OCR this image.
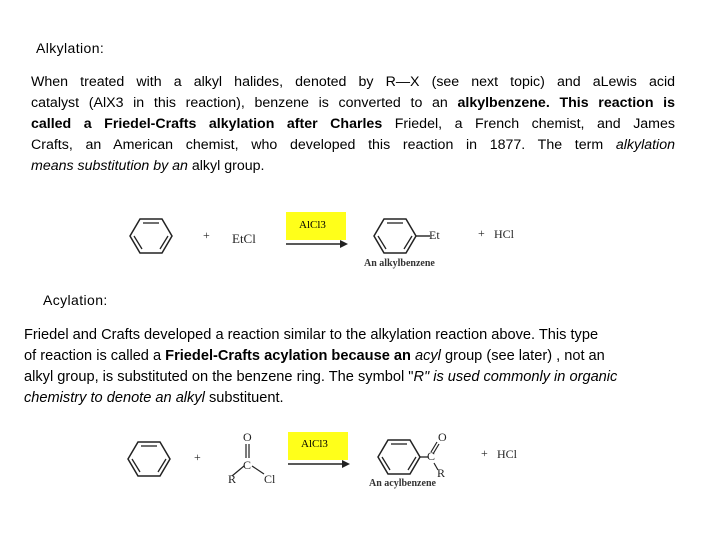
Alkylation:
When treated with a alkyl halides, denoted by R—X (see next topic) and aLewis acid
catalyst (AlX3 in this reaction), benzene is converted to an alkylbenzene. This reaction is
called a Friedel-Crafts alkylation after Charles Friedel, a French chemist, and James
Crafts, an American chemist, who developed this reaction in 1877. The term alkylation
means substitution by an alkyl group.
+ EtCl
AlCl3
Et	+ HCl
An alkylbenzene
Acylation:
Friedel and Crafts developed a reaction similar to the alkylation reaction above. This type
of reaction is called a Friedel-Crafts acylation because an acyl group (see later) , not an
alkyl group, is substituted on the benzene ring. The symbol "R" is used commonly in organic
chemistry to denote an alkyl substituent.
+
O
C
R Cl
AlCl3	O
C
R
+ HCl
An acylbenzene
